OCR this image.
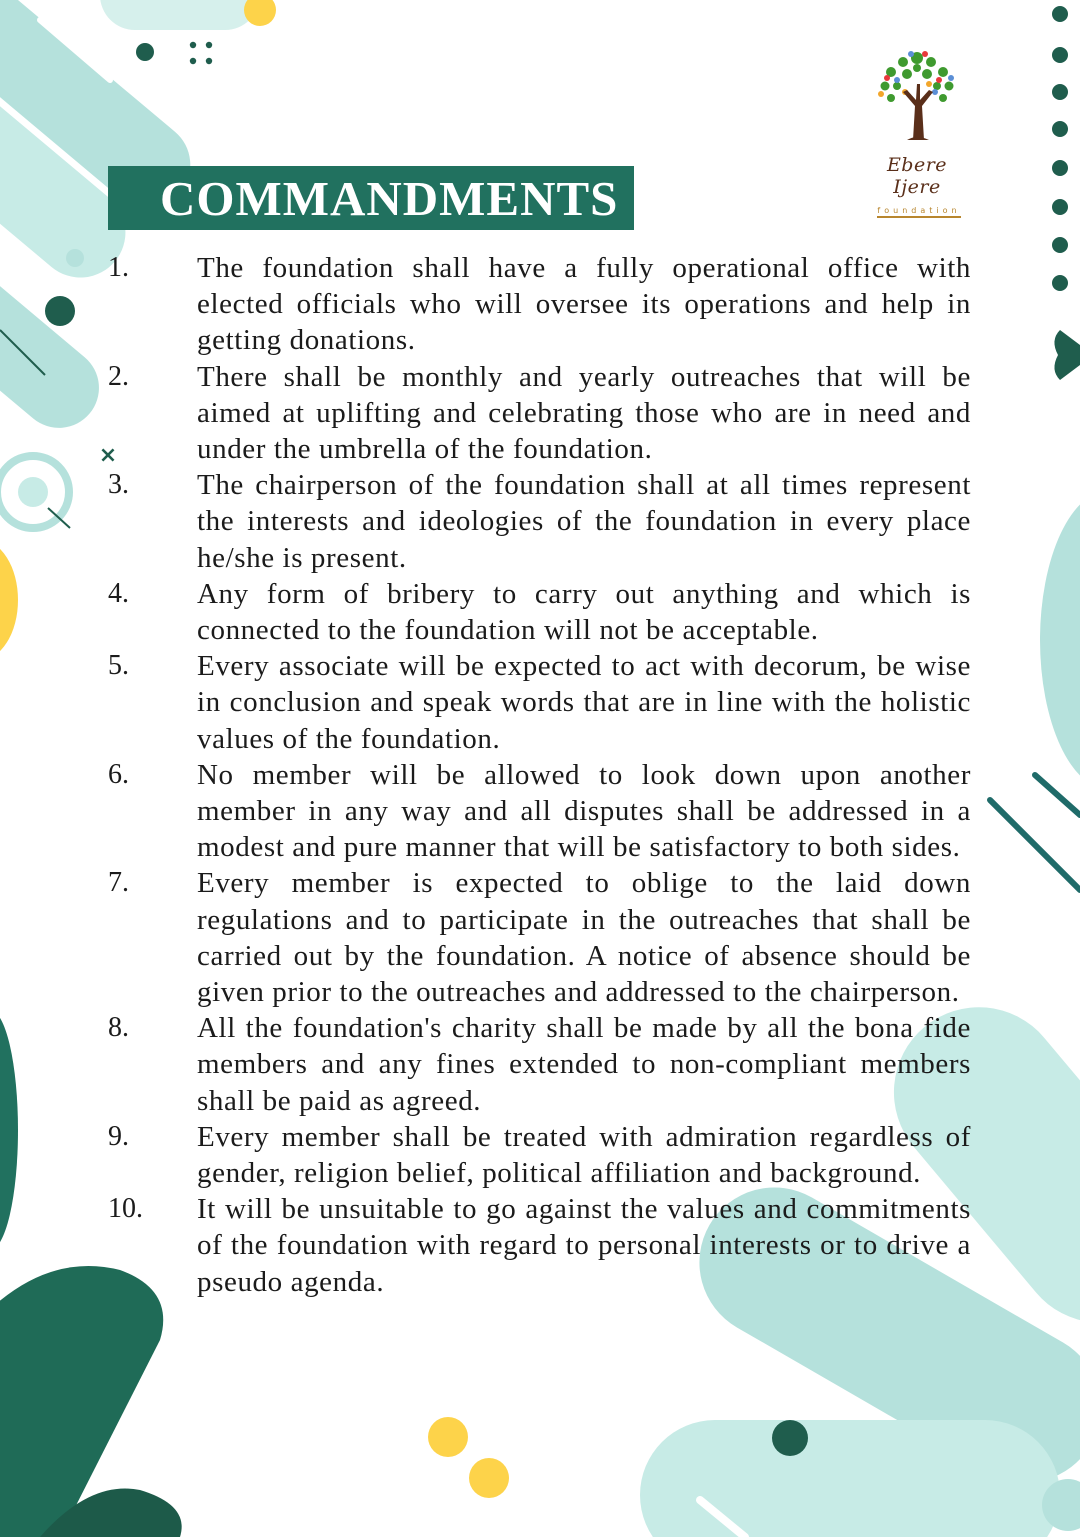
×
Ebere Ijere
foundation
COMMANDMENTS
1. The foundation shall have a fully operational office with elected officials who will oversee its operations and help in getting donations.
2. There shall be monthly and yearly outreaches that will be aimed at uplifting and celebrating those who are in need and under the umbrella of the foundation.
3. The chairperson of the foundation shall at all times represent the interests and ideologies of the foundation in every place he/she is present.
4. Any form of bribery to carry out anything and which is connected to the foundation will not be acceptable.
5. Every associate will be expected to act with decorum, be wise in conclusion and speak words that are in line with the holistic values of the foundation.
6. No member will be allowed to look down upon another member in any way and all disputes shall be addressed in a modest and pure manner that will be satisfactory to both sides.
7. Every member is expected to oblige to the laid down regulations and to participate in the outreaches that shall be carried out by the foundation. A notice of absence should be given prior to the outreaches and addressed to the chairperson.
8. All the foundation's charity shall be made by all the bona fide members and any fines extended to non-compliant members shall be paid as agreed.
9. Every member shall be treated with admiration regardless of gender, religion belief, political affiliation and background.
10. It will be unsuitable to go against the values and commitments of the foundation with regard to personal interests or to drive a pseudo agenda.
